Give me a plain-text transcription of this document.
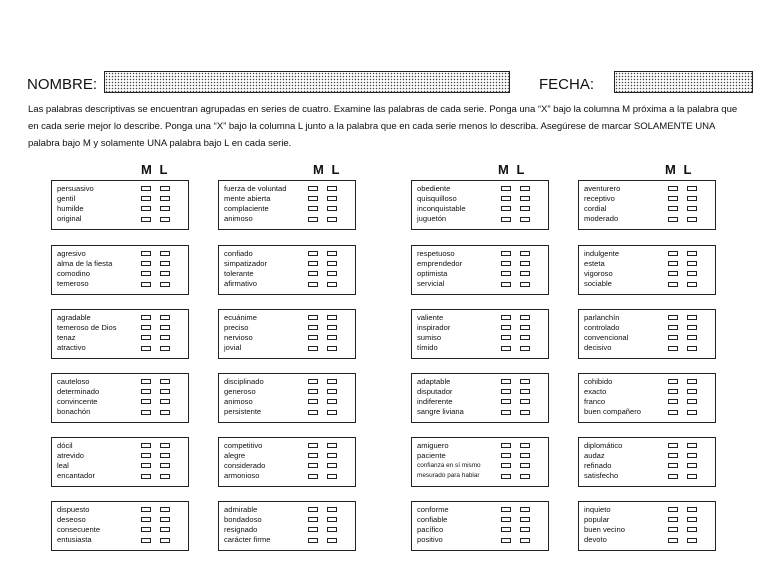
NOMBRE:	FECHA:
Las palabras descriptivas se encuentran agrupadas en series de cuatro. Examine las palabras de cada serie. Ponga una “X” bajo la columna M próxima a la palabra que en cada serie mejor lo describe. Ponga una “X” bajo la columna L junto a la palabra que en cada serie menos lo describa. Asegúrese de marcar SOLAMENTE UNA palabra bajo M y solamente UNA palabra bajo L en cada serie.
M L	M L	M L	M L
persuasivo
gentil
humilde
original
agresivo
alma de la fiesta
comodino
temeroso
agradable
temeroso de Dios
tenaz
atractivo
cauteloso
determinado
convincente
bonachón
dócil
atrevido
leal
encantador
dispuesto
deseoso
consecuente
entusiasta
fuerza de voluntad
mente abierta
complaciente
animoso
confiado
simpatizador
tolerante
afirmativo
ecuánime
preciso
nervioso
jovial
disciplinado
generoso
animoso
persistente
competitivo
alegre
considerado
armonioso
admirable
bondadoso
resignado
carácter firme
obediente
quisquilloso
inconquistable
juguetón
respetuoso
emprendedor
optimista
servicial
valiente
inspirador
sumiso
tímido
adaptable
disputador
indiferente
sangre liviana
amiguero
paciente
confianza en sí mismo
mesurado para hablar
conforme
confiable
pacífico
positivo
aventurero
receptivo
cordial
moderado
indulgente
esteta
vigoroso
sociable
parlanchín
controlado
convencional
decisivo
cohibido
exacto
franco
buen compañero
diplomático
audaz
refinado
satisfecho
inquieto
popular
buen vecino
devoto
